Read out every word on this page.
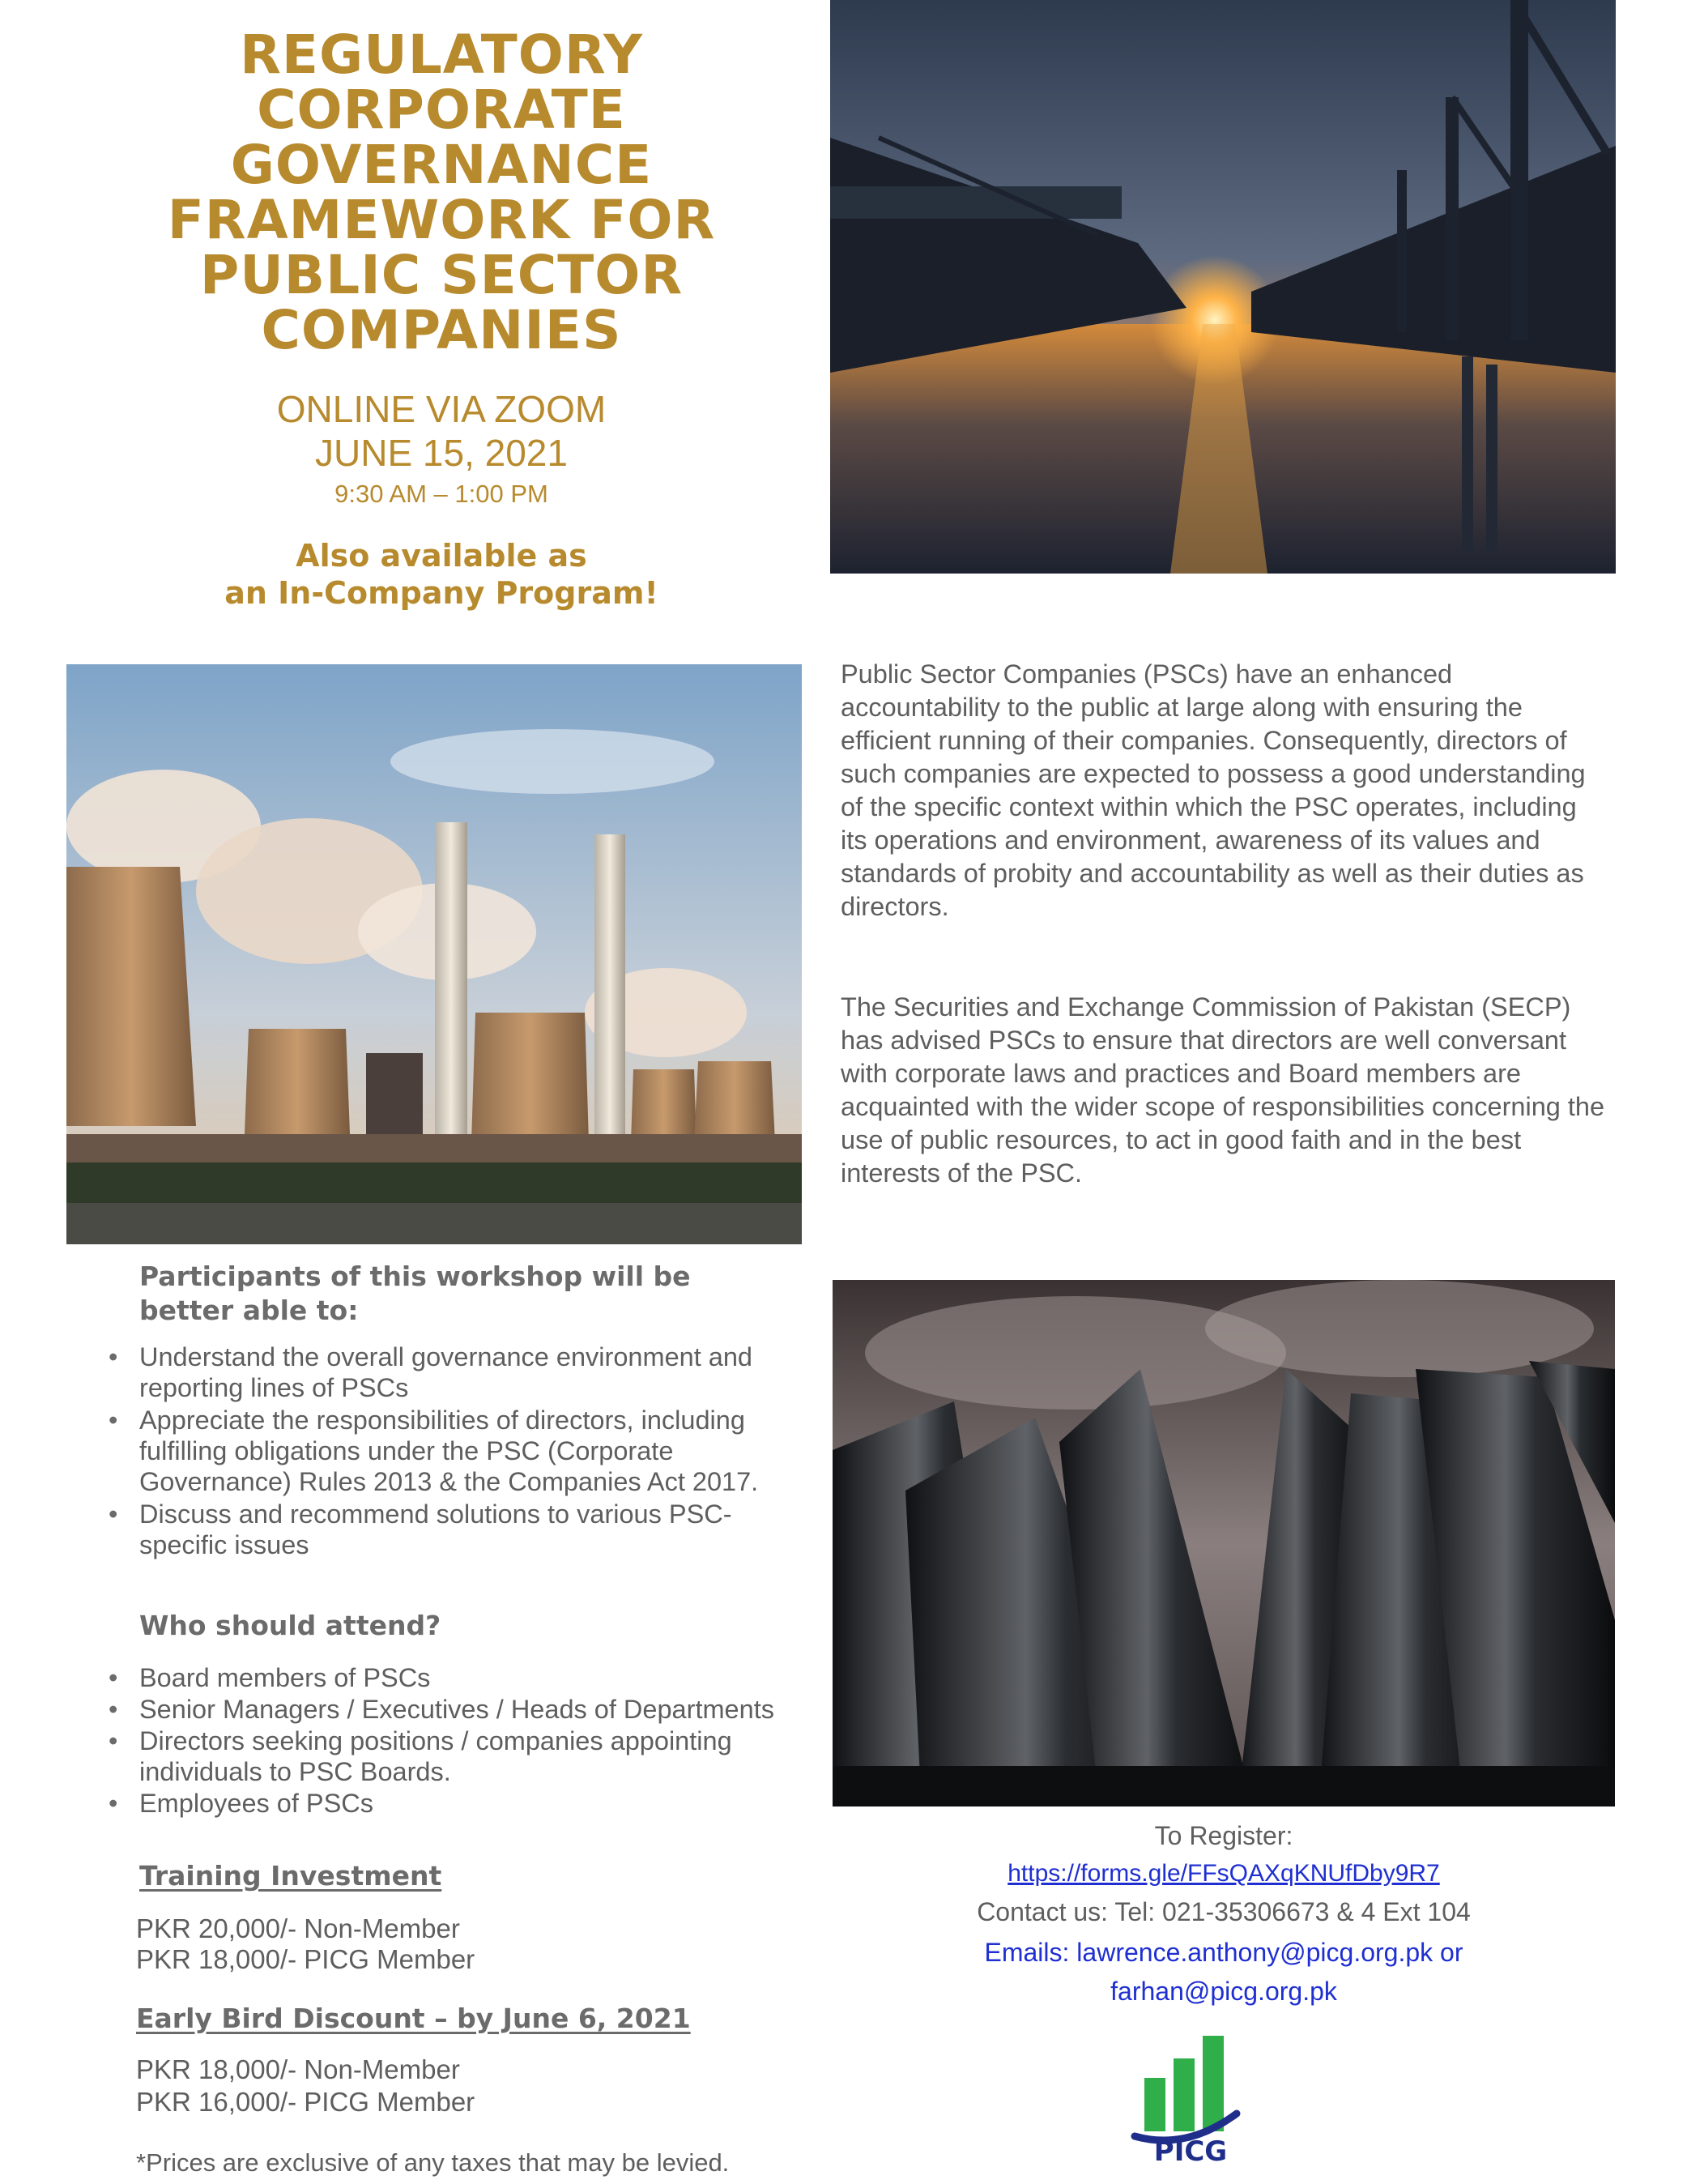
REGULATORY
CORPORATE
GOVERNANCE
FRAMEWORK FOR
PUBLIC SECTOR
COMPANIES
ONLINE VIA ZOOM
JUNE 15, 2021
9:30 AM – 1:00 PM
Also available as
an In-Company Program!

Public Sector Companies (PSCs) have an enhanced accountability to the public at large along with ensuring the efficient running of their companies. Consequently, directors of such companies are expected to possess a good understanding of the specific context within which the PSC operates, including its operations and environment, awareness of its values and standards of probity and accountability as well as their duties as directors.

The Securities and Exchange Commission of Pakistan (SECP) has advised PSCs to ensure that directors are well conversant with corporate laws and practices and Board members are acquainted with the wider scope of responsibilities concerning the use of public resources, to act in good faith and in the best interests of the PSC.

Participants of this workshop will be better able to:

• Understand the overall governance environment and reporting lines of PSCs
• Appreciate the responsibilities of directors, including fulfilling obligations under the PSC (Corporate Governance) Rules 2013 & the Companies Act 2017.
• Discuss and recommend solutions to various PSC-specific issues

Who should attend?

• Board members of PSCs
• Senior Managers / Executives / Heads of Departments
• Directors seeking positions / companies appointing individuals to PSC Boards.
• Employees of PSCs
Training Investment
PKR 20,000/- Non-Member
PKR 18,000/- PICG Member
Early Bird Discount – by June 6, 2021
PKR 18,000/- Non-Member
PKR 16,000/- PICG Member
*Prices are exclusive of any taxes that may be levied.
To Register:
https://forms.gle/FFsQAXqKNUfDby9R7
Contact us: Tel: 021-35306673 & 4 Ext 104
Emails: lawrence.anthony@picg.org.pk or
farhan@picg.org.pk
PICG
